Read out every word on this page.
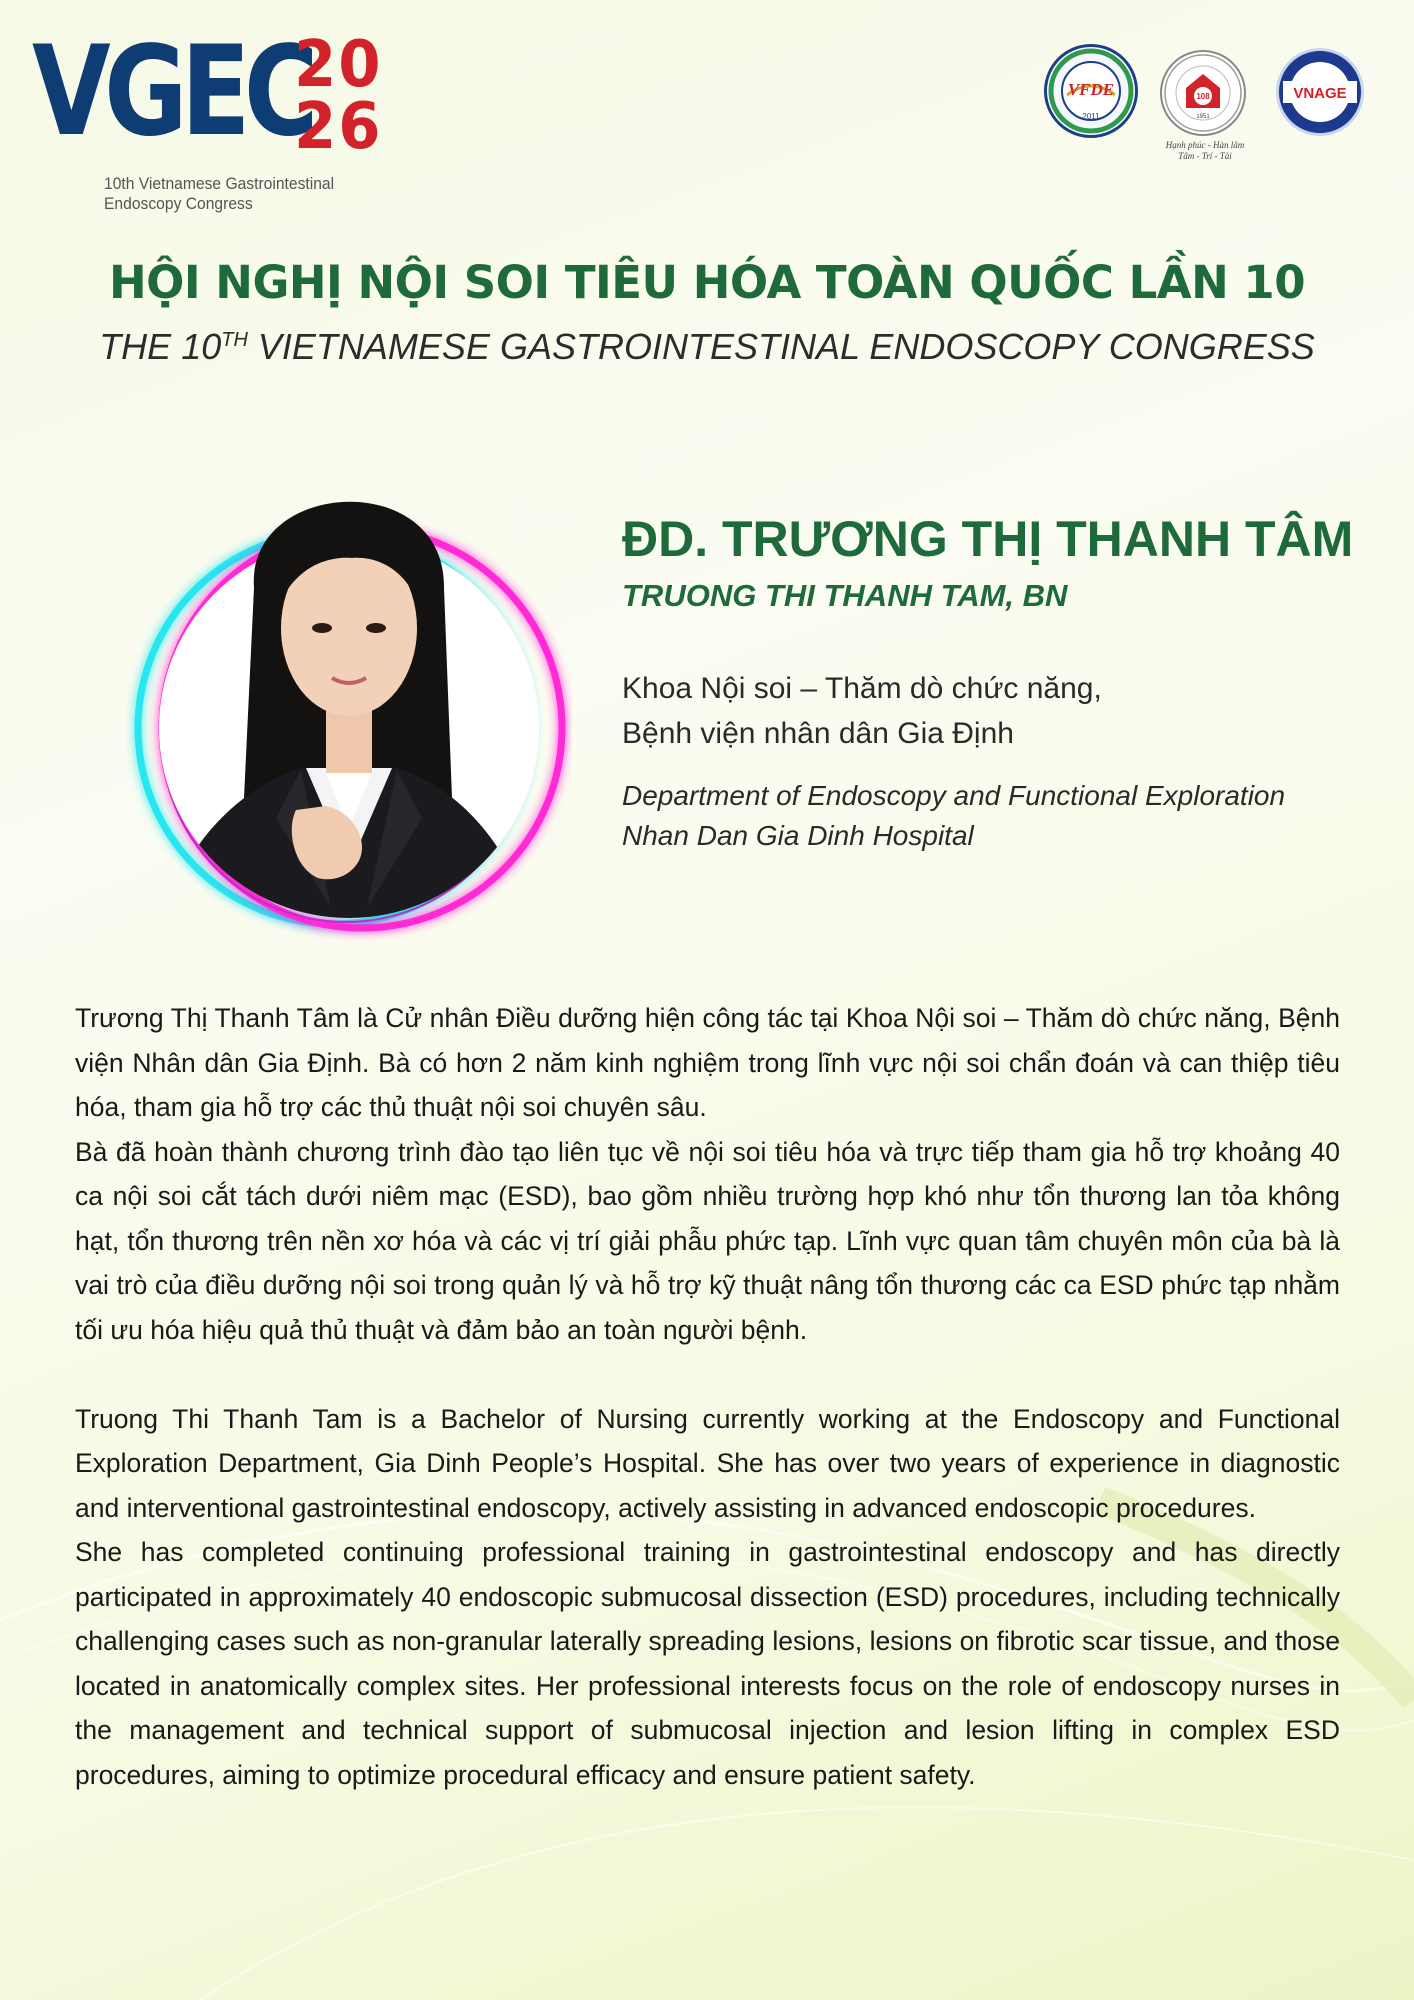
VGEC
20
26
10th Vietnamese Gastrointestinal
Endoscopy Congress
VFDE
2011
108
1951
Hạnh phúc - Hàn lâm
Tâm - Trí - Tài
VNAGE
HỘI NGHỊ NỘI SOI TIÊU HÓA TOÀN QUỐC LẦN 10
THE 10TH VIETNAMESE GASTROINTESTINAL ENDOSCOPY CONGRESS
ĐD. TRƯƠNG THỊ THANH TÂM
TRUONG THI THANH TAM, BN
Khoa Nội soi – Thăm dò chức năng,
Bệnh viện nhân dân Gia Định
Department of Endoscopy and Functional Exploration
Nhan Dan Gia Dinh Hospital

Trương Thị Thanh Tâm là Cử nhân Điều dưỡng hiện công tác tại Khoa Nội soi – Thăm dò chức năng, Bệnh viện Nhân dân Gia Định. Bà có hơn 2 năm kinh nghiệm trong lĩnh vực nội soi chẩn đoán và can thiệp tiêu hóa, tham gia hỗ trợ các thủ thuật nội soi chuyên sâu.

Bà đã hoàn thành chương trình đào tạo liên tục về nội soi tiêu hóa và trực tiếp tham gia hỗ trợ khoảng 40 ca nội soi cắt tách dưới niêm mạc (ESD), bao gồm nhiều trường hợp khó như tổn thương lan tỏa không hạt, tổn thương trên nền xơ hóa và các vị trí giải phẫu phức tạp. Lĩnh vực quan tâm chuyên môn của bà là vai trò của điều dưỡng nội soi trong quản lý và hỗ trợ kỹ thuật nâng tổn thương các ca ESD phức tạp nhằm tối ưu hóa hiệu quả thủ thuật và đảm bảo an toàn người bệnh.

Truong Thi Thanh Tam is a Bachelor of Nursing currently working at the Endoscopy and Functional Exploration Department, Gia Dinh People’s Hospital. She has over two years of experience in diagnostic and interventional gastrointestinal endoscopy, actively assisting in advanced endoscopic procedures.

She has completed continuing professional training in gastrointestinal endoscopy and has directly participated in approximately 40 endoscopic submucosal dissection (ESD) procedures, including technically challenging cases such as non-granular laterally spreading lesions, lesions on fibrotic scar tissue, and those located in anatomically complex sites. Her professional interests focus on the role of endoscopy nurses in the management and technical support of submucosal injection and lesion lifting in complex ESD procedures, aiming to optimize procedural efficacy and ensure patient safety.
